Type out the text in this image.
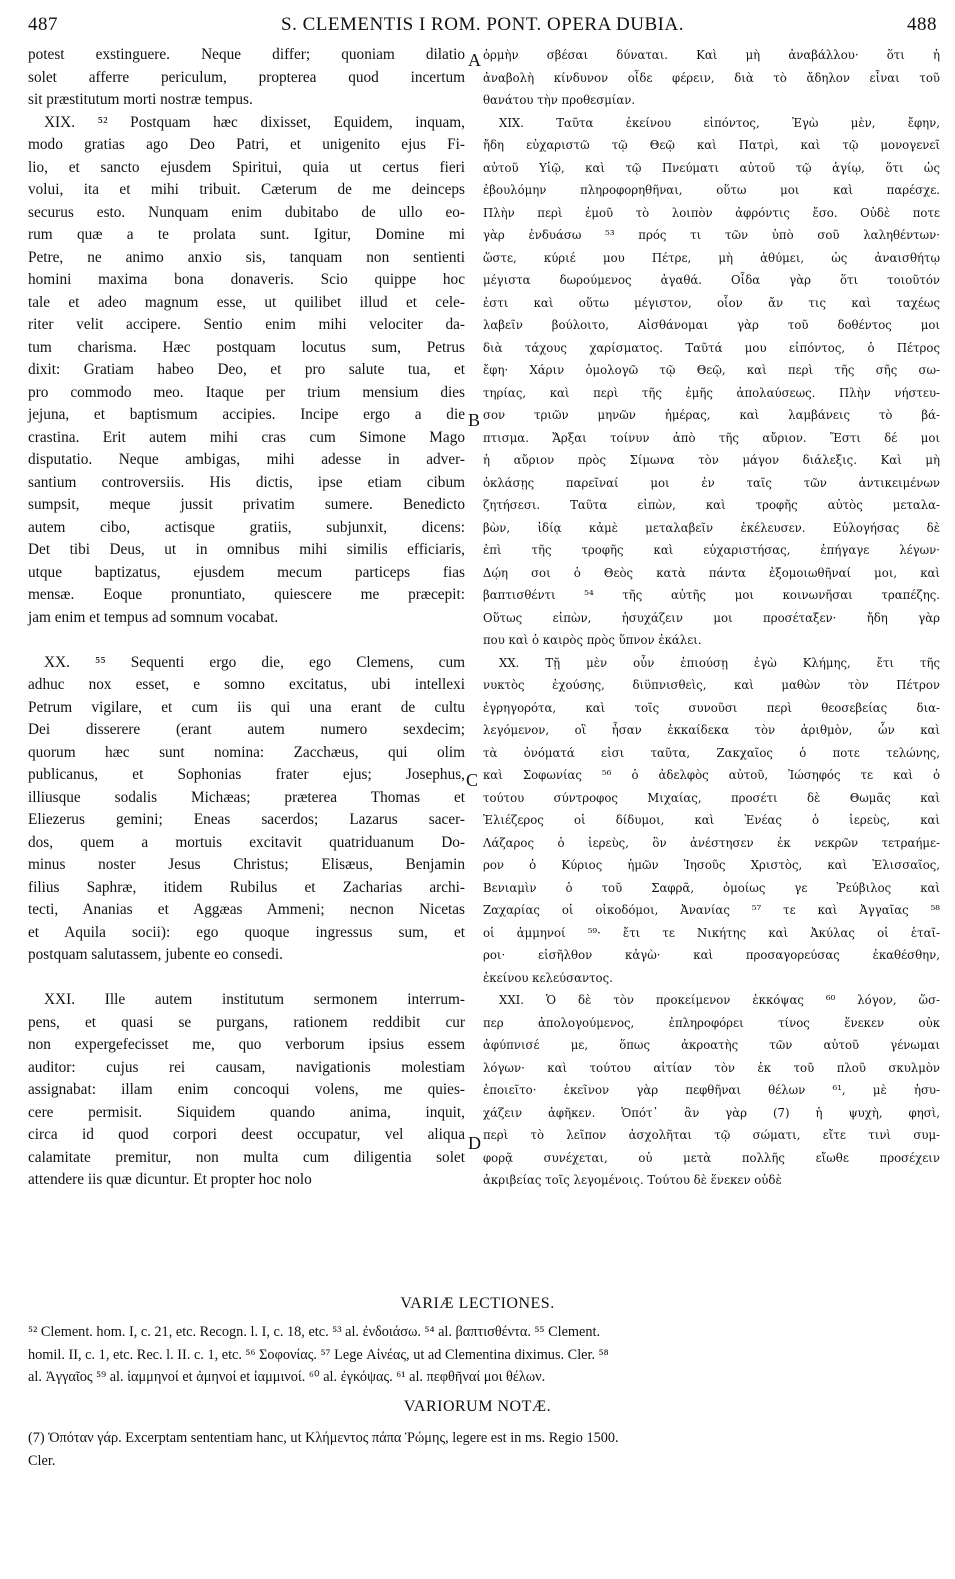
487	S. CLEMENTIS I ROM. PONT. OPERA DUBIA.	488
potest exstinguere. Neque differ; quoniam dilatio
solet afferre periculum, propterea quod incertum
sit præstitutum morti nostræ tempus.
XIX. ⁵² Postquam hæc dixisset, Equidem, inquam,
modo gratias ago Deo Patri, et unigenito ejus Fi-
lio, et sancto ejusdem Spiritui, quia ut certus fieri
volui, ita et mihi tribuit. Cæterum de me deinceps
securus esto. Nunquam enim dubitabo de ullo eo-
rum quæ a te prolata sunt. Igitur, Domine mi
Petre, ne animo anxio sis, tanquam non sentienti
homini maxima bona donaveris. Scio quippe hoc
tale et adeo magnum esse, ut quilibet illud et cele-
riter velit accipere. Sentio enim mihi velociter da-
tum charisma. Hæc postquam locutus sum, Petrus
dixit: Gratiam habeo Deo, et pro salute tua, et
pro commodo meo. Itaque per trium mensium dies
jejuna, et baptismum accipies. Incipe ergo a die
crastina. Erit autem mihi cras cum Simone Mago
disputatio. Neque ambigas, mihi adesse in adver-
santium controversiis. His dictis, ipse etiam cibum
sumpsit, meque jussit privatim sumere. Benedicto
autem cibo, actisque gratiis, subjunxit, dicens:
Det tibi Deus, ut in omnibus mihi similis efficiaris,
utque baptizatus, ejusdem mecum particeps fias
mensæ. Eoque pronuntiato, quiescere me præcepit:
jam enim et tempus ad somnum vocabat.
XX. ⁵⁵ Sequenti ergo die, ego Clemens, cum
adhuc nox esset, e somno excitatus, ubi intellexi
Petrum vigilare, et cum iis qui una erant de cultu
Dei disserere (erant autem numero sexdecim;
quorum hæc sunt nomina: Zacchæus, qui olim
publicanus, et Sophonias frater ejus; Josephus,
illiusque sodalis Michæas; præterea Thomas et
Eliezerus gemini; Eneas sacerdos; Lazarus sacer-
dos, quem a mortuis excitavit quatriduanum Do-
minus noster Jesus Christus; Elisæus, Benjamin
filius Saphræ, itidem Rubilus et Zacharias archi-
tecti, Ananias et Aggæas Ammeni; necnon Nicetas
et Aquila socii): ego quoque ingressus sum, et
postquam salutassem, jubente eo consedi.
XXI. Ille autem institutum sermonem interrum-
pens, et quasi se purgans, rationem reddibit cur
non expergefecisset me, quo verborum ipsius essem
auditor: cujus rei causam, navigationis molestiam
assignabat: illam enim concoqui volens, me quies-
cere permisit. Siquidem quando anima, inquit,
circa id quod corpori deest occupatur, vel aliqua
calamitate premitur, non multa cum diligentia solet
attendere iis quæ dicuntur. Et propter hoc nolo
ὁρμὴν σβέσαι δύναται. Καὶ μὴ ἀναβάλλου· ὅτι ἡ
ἀναβολὴ κίνδυνον οἶδε φέρειν, διὰ τὸ ἄδηλον εἶναι τοῦ
θανάτου τὴν προθεσμίαν.
XIX. Ταῦτα ἐκείνου εἰπόντος, Ἐγὼ μὲν, ἔφην,
ἤδη εὐχαριστῶ τῷ Θεῷ καὶ Πατρὶ, καὶ τῷ μονογενεῖ
αὐτοῦ Υἱῷ, καὶ τῷ Πνεύματι αὐτοῦ τῷ ἁγίῳ, ὅτι ὡς
ἐβουλόμην πληροφορηθῆναι, οὕτω μοι καὶ παρέσχε.
Πλὴν περὶ ἐμοῦ τὸ λοιπὸν ἀφρόντις ἔσο. Οὐδὲ ποτε
γὰρ ἐνδυάσω ⁵³ πρός τι τῶν ὑπὸ σοῦ λαληθέντων·
ὥστε, κύριέ μου Πέτρε, μὴ ἀθύμει, ὡς ἀναισθήτῳ
μέγιστα δωρούμενος ἀγαθά. Οἶδα γὰρ ὅτι τοιοῦτόν
ἐστι καὶ οὕτω μέγιστον, οἷον ἄν τις καὶ ταχέως
λαβεῖν βούλοιτο, Αἰσθάνομαι γὰρ τοῦ δοθέντος μοι
διὰ τάχους χαρίσματος. Ταῦτά μου εἰπόντος, ὁ Πέτρος
ἔφη· Χάριν ὁμολογῶ τῷ Θεῷ, καὶ περὶ τῆς σῆς σω-
τηρίας, καὶ περὶ τῆς ἐμῆς ἀπολαύσεως. Πλὴν νήστευ-
σον τριῶν μηνῶν ἡμέρας, καὶ λαμβάνεις τὸ βά-
πτισμα. Ἄρξαι τοίνυν ἀπὸ τῆς αὔριον. Ἔστι δέ μοι
ἡ αὔριον πρὸς Σίμωνα τὸν μάγον διάλεξις. Καὶ μὴ
ὀκλάσῃς παρεῖναί μοι ἐν ταῖς τῶν ἀντικειμένων
ζητήσεσι. Ταῦτα εἰπὼν, καὶ τροφῆς αὐτὸς μεταλα-
βὼν, ἰδίᾳ κἀμὲ μεταλαβεῖν ἐκέλευσεν. Εὐλογήσας δὲ
ἐπὶ τῆς τροφῆς καὶ εὐχαριστήσας, ἐπήγαγε λέγων·
Δῴη σοι ὁ Θεὸς κατὰ πάντα ἐξομοιωθῆναί μοι, καὶ
βαπτισθέντι ⁵⁴ τῆς αὐτῆς μοι κοινωνῆσαι τραπέζης.
Οὕτως εἰπὼν, ἡσυχάζειν μοι προσέταξεν· ἤδη γὰρ
που καὶ ὁ καιρὸς πρὸς ὕπνον ἐκάλει.
XX. Τῇ μὲν οὖν ἐπιούσῃ ἐγὼ Κλήμης, ἔτι τῆς
νυκτὸς ἐχούσης, διϋπνισθεὶς, καὶ μαθὼν τὸν Πέτρον
ἐγρηγορότα, καὶ τοῖς συνοῦσι περὶ θεοσεβείας δια-
λεγόμενον, οἳ ἦσαν ἑκκαίδεκα τὸν ἀριθμὸν, ὧν καὶ
τὰ ὀνόματά εἰσι ταῦτα, Ζακχαῖος ὁ ποτε τελώνης,
καὶ Σοφωνίας ⁵⁶ ὁ ἀδελφὸς αὐτοῦ, Ἰώσηφός τε καὶ ὁ
τούτου σύντροφος Μιχαίας, προσέτι δὲ Θωμᾶς καὶ
Ἐλιέζερος οἱ δίδυμοι, καὶ Ἐνέας ὁ ἱερεὺς, καὶ
Λάζαρος ὁ ἱερεὺς, ὃν ἀνέστησεν ἐκ νεκρῶν τετραήμε-
ρον ὁ Κύριος ἡμῶν Ἰησοῦς Χριστὸς, καὶ Ἐλισσαῖος,
Βενιαμὶν ὁ τοῦ Σαφρᾶ, ὁμοίως γε Ῥεύβιλος καὶ
Ζαχαρίας οἱ οἰκοδόμοι, Ἀνανίας ⁵⁷ τε καὶ Ἀγγαῖας ⁵⁸
οἱ ἀμμηνοί ⁵⁹· ἔτι τε Νικήτης καὶ Ἀκύλας οἱ ἑταῖ-
ροι· εἰσῆλθον κἀγὼ· καὶ προσαγορεύσας ἐκαθέσθην,
ἐκείνου κελεύσαντος.
XXI. Ὁ δὲ τὸν προκείμενον ἐκκόψας ⁶⁰ λόγον, ὥσ-
περ ἀπολογούμενος, ἐπληροφόρει τίνος ἕνεκεν οὐκ
ἀφύπνισέ με, ὅπως ἀκροατὴς τῶν αὐτοῦ γένωμαι
λόγων· καὶ τούτου αἰτίαν τὸν ἐκ τοῦ πλοῦ σκυλμὸν
ἐποιεῖτο· ἐκεῖνον γὰρ πεφθῆναι θέλων ⁶¹, μὲ ἡσυ-
χάζειν ἀφῆκεν. Ὁπότ᾽ ἂν γὰρ (7) ἡ ψυχὴ, φησὶ,
περὶ τὸ λεῖπον ἀσχολῆται τῷ σώματι, εἴτε τινὶ συμ-
φορᾷ συνέχεται, οὐ μετὰ πολλῆς εἴωθε προσέχειν
ἀκριβείας τοῖς λεγομένοις. Τούτου δὲ ἕνεκεν οὐδὲ
A
B
C
D
VARIÆ LECTIONES.
⁵² Clement. hom. I, c. 21, etc. Recogn. l. I, c. 18, etc. ⁵³ al. ἐνδοιάσω. ⁵⁴ al. βαπτισθέντα. ⁵⁵ Clement.
homil. II, c. 1, etc. Rec. l. II. c. 1, etc. ⁵⁶ Σοφονίας. ⁵⁷ Lege Αἰνέας, ut ad Clementina diximus. Cler. ⁵⁸
al. Ἀγγαῖος ⁵⁹ al. ἰαμμηνοί et ἀμηνοί et ἰαμμινοί. ⁶⁰ al. ἐγκόψας. ⁶¹ al. πεφθῆναί μοι θέλων.
VARIORUM NOTÆ.
(7) Ὁπόταν γάρ. Excerptam sententiam hanc, ut Κλήμεντος πάπα Ῥώμης, legere est in ms. Regio 1500.
Cler.
